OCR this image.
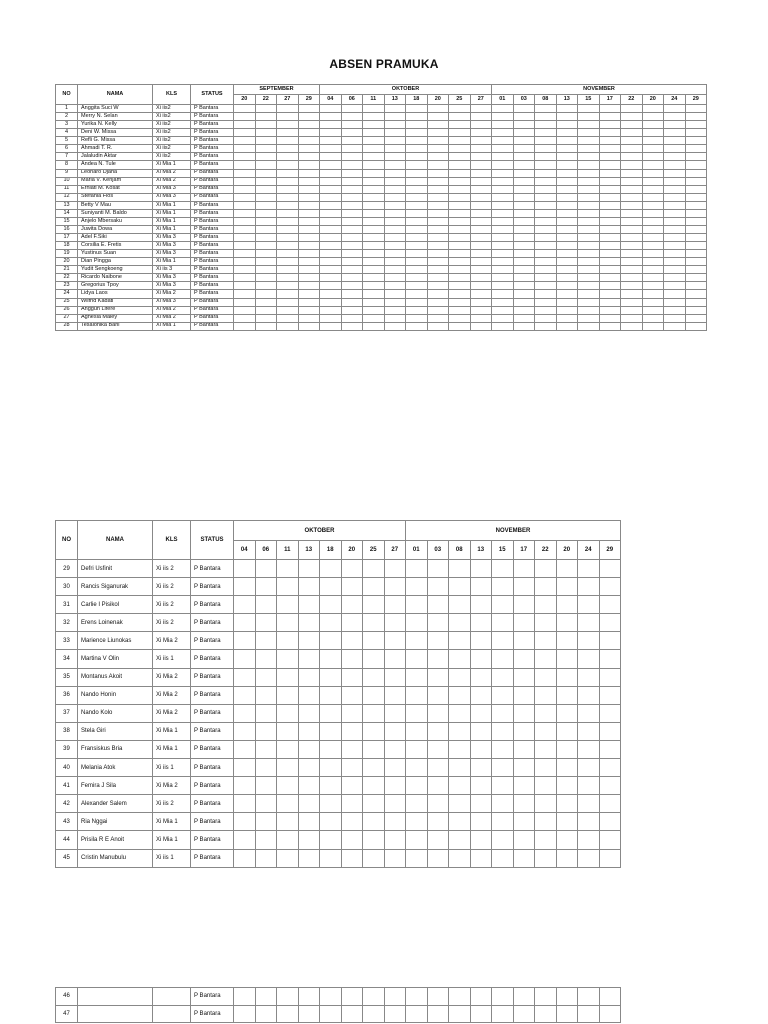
ABSEN PRAMUKA
NO	NAMA	KLS	STATUS	SEPTEMBER				OKTOBER								NOVEMBER									
				20	22	27	29	04	06	11	13	18	20	25	27	01	03	08	13	15	17	22	20	24	29
1	Anggita Suci W	Xi iis2	P Bantara																						
2	Merry N. Selan	Xi iis2	P Bantara																						
3	Yurika N. Kelly	Xi iis2	P Bantara																						
4	Deni W. Missa	Xi iis2	P Bantara																						
5	Refli G. Missa	Xi iis2	P Bantara																						
6	Ahmadi T. R.	Xi iis2	P Bantara																						
7	Jalaludin Aktar	Xi iis2	P Bantara																						
8	Andea N. Tule	Xi Mia 1	P Bantara																						
9	Leonaro Djaha	Xi Mia 2	P Bantara																						
10	Maria V. Kenjam	Xi Mia 2	P Bantara																						
11	Erniati M. Kosat	Xi Mia 3	P Bantara																						
12	Stefania Fios	Xi Mia 3	P Bantara																						
13	Betty V Mau	Xi Mia 1	P Bantara																						
14	Suniyanti M. Baldo	Xi Mia 1	P Bantara																						
15	Anjelo Mbersaku	Xi Mia 1	P Bantara																						
16	Juwita Dowa	Xi Mia 1	P Bantara																						
17	Adel F.Siki	Xi Mia 3	P Bantara																						
18	Corsilia E. Fretis	Xi Mia 3	P Bantara																						
19	Yustinus Suan	Xi Mia 3	P Bantara																						
20	Dian Pingga	Xi Mia 1	P Bantara																						
21	Yudit Sengkoeng	Xi iis 3	P Bantara																						
22	Ricardo Naibone	Xi Mia 3	P Bantara																						
23	Gregorius Tpoy	Xi Mia 3	P Bantara																						
24	Lidya Laos	Xi Mia 2	P Bantara																						
25	Wilfrid Kadati	Xi Mia 3	P Bantara																						
26	Anggun Lifere	Xi Mia 2	P Bantara																						
27	Agnesia Maley	Xi Mia 2	P Bantara																						
28	Tesalonika Bani	Xi Mia 1	P Bantara																						
NO	NAMA	KLS	STATUS	OKTOBER								NOVEMBER									
				04	06	11	13	18	20	25	27	01	03	08	13	15	17	22	20	24	29
29	Defri Usfinit	Xi iis 2	P Bantara																		
30	Rancis Siganurak	Xi iis 2	P Bantara																		
31	Carlie I Pisikol	Xi iis 2	P Bantara																		
32	Erens Loinenak	Xi iis 2	P Bantara																		
33	Marience Liunokas	Xi Mia 2	P Bantara																		
34	Martina V Olin	Xi iis 1	P Bantara																		
35	Montanus Akoit	Xi Mia 2	P Bantara																		
36	Nando Honin	Xi Mia 2	P Bantara																		
37	Nando Kolo	Xi Mia 2	P Bantara																		
38	Stela Giri	Xi Mia 1	P Bantara																		
39	Fransiskus Bria	Xi Mia 1	P Bantara																		
40	Melania Atok	Xi iis 1	P Bantara																		
41	Femira J Sila	Xi Mia 2	P Bantara																		
42	Alexander Salem	Xi iis 2	P Bantara																		
43	Ria Nggai	Xi Mia 1	P Bantara																		
44	Prisila R E Anoit	Xi Mia 1	P Bantara																		
45	Cristin Manubulu	Xi iis 1	P Bantara																		
46			P Bantara																		
47			P Bantara																		
